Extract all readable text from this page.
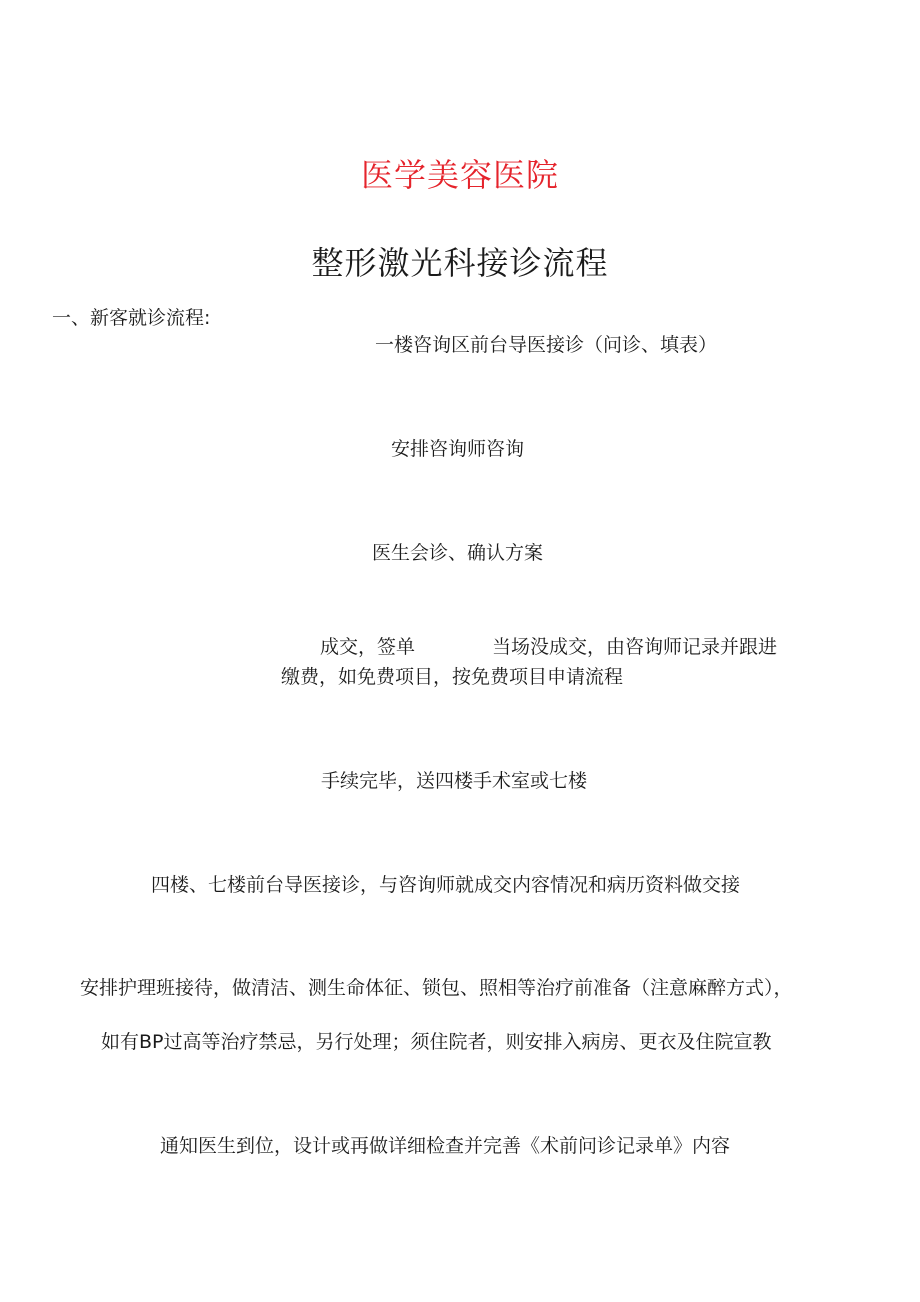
医学美容医院
整形激光科接诊流程
一、新客就诊流程:
一楼咨询区前台导医接诊（问诊、填表）
安排咨询师咨询
医生会诊、确认方案
成交，签单	当场没成交，由咨询师记录并跟进
缴费，如免费项目，按免费项目申请流程
手续完毕，送四楼手术室或七楼
四楼、七楼前台导医接诊，与咨询师就成交内容情况和病历资料做交接
安排护理班接待，做清洁、测生命体征、锁包、照相等治疗前准备（注意麻醉方式），
如有BP过高等治疗禁忌，另行处理；须住院者，则安排入病房、更衣及住院宣教
通知医生到位，设计或再做详细检查并完善《术前问诊记录单》内容
